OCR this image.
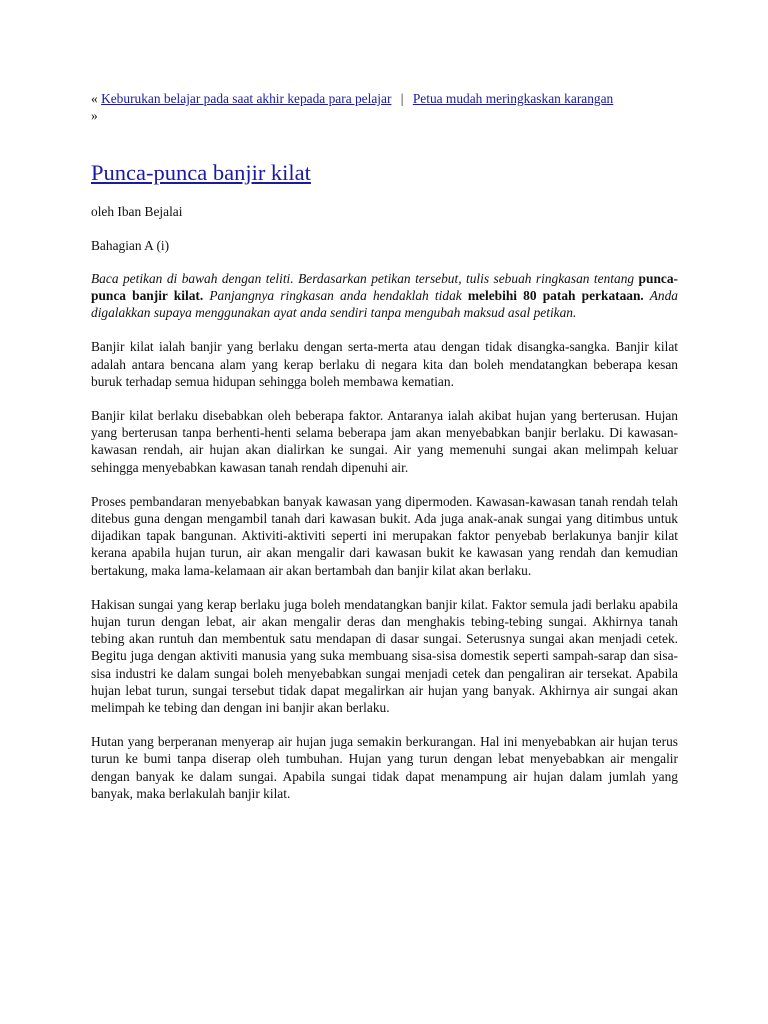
« Keburukan belajar pada saat akhir kepada para pelajar | Petua mudah meringkaskan karangan
»

Punca-punca banjir kilat

oleh Iban Bejalai

Bahagian A (i)

Baca petikan di bawah dengan teliti. Berdasarkan petikan tersebut, tulis sebuah ringkasan tentang punca-punca banjir kilat. Panjangnya ringkasan anda hendaklah tidak melebihi 80 patah perkataan. Anda digalakkan supaya menggunakan ayat anda sendiri tanpa mengubah maksud asal petikan.

Banjir kilat ialah banjir yang berlaku dengan serta-merta atau dengan tidak disangka-sangka. Banjir kilat adalah antara bencana alam yang kerap berlaku di negara kita dan boleh mendatangkan beberapa kesan buruk terhadap semua hidupan sehingga boleh membawa kematian.

Banjir kilat berlaku disebabkan oleh beberapa faktor. Antaranya ialah akibat hujan yang berterusan. Hujan yang berterusan tanpa berhenti-henti selama beberapa jam akan menyebabkan banjir berlaku. Di kawasan-kawasan rendah, air hujan akan dialirkan ke sungai. Air yang memenuhi sungai akan melimpah keluar sehingga menyebabkan kawasan tanah rendah dipenuhi air.

Proses pembandaran menyebabkan banyak kawasan yang dipermoden. Kawasan-kawasan tanah rendah telah ditebus guna dengan mengambil tanah dari kawasan bukit. Ada juga anak-anak sungai yang ditimbus untuk dijadikan tapak bangunan. Aktiviti-aktiviti seperti ini merupakan faktor penyebab berlakunya banjir kilat kerana apabila hujan turun, air akan mengalir dari kawasan bukit ke kawasan yang rendah dan kemudian bertakung, maka lama-kelamaan air akan bertambah dan banjir kilat akan berlaku.

Hakisan sungai yang kerap berlaku juga boleh mendatangkan banjir kilat. Faktor semula jadi berlaku apabila hujan turun dengan lebat, air akan mengalir deras dan menghakis tebing-tebing sungai. Akhirnya tanah tebing akan runtuh dan membentuk satu mendapan di dasar sungai. Seterusnya sungai akan menjadi cetek. Begitu juga dengan aktiviti manusia yang suka membuang sisa-sisa domestik seperti sampah-sarap dan sisa-sisa industri ke dalam sungai boleh menyebabkan sungai menjadi cetek dan pengaliran air tersekat. Apabila hujan lebat turun, sungai tersebut tidak dapat megalirkan air hujan yang banyak. Akhirnya air sungai akan melimpah ke tebing dan dengan ini banjir akan berlaku.

Hutan yang berperanan menyerap air hujan juga semakin berkurangan. Hal ini menyebabkan air hujan terus turun ke bumi tanpa diserap oleh tumbuhan. Hujan yang turun dengan lebat menyebabkan air mengalir dengan banyak ke dalam sungai. Apabila sungai tidak dapat menampung air hujan dalam jumlah yang banyak, maka berlakulah banjir kilat.
